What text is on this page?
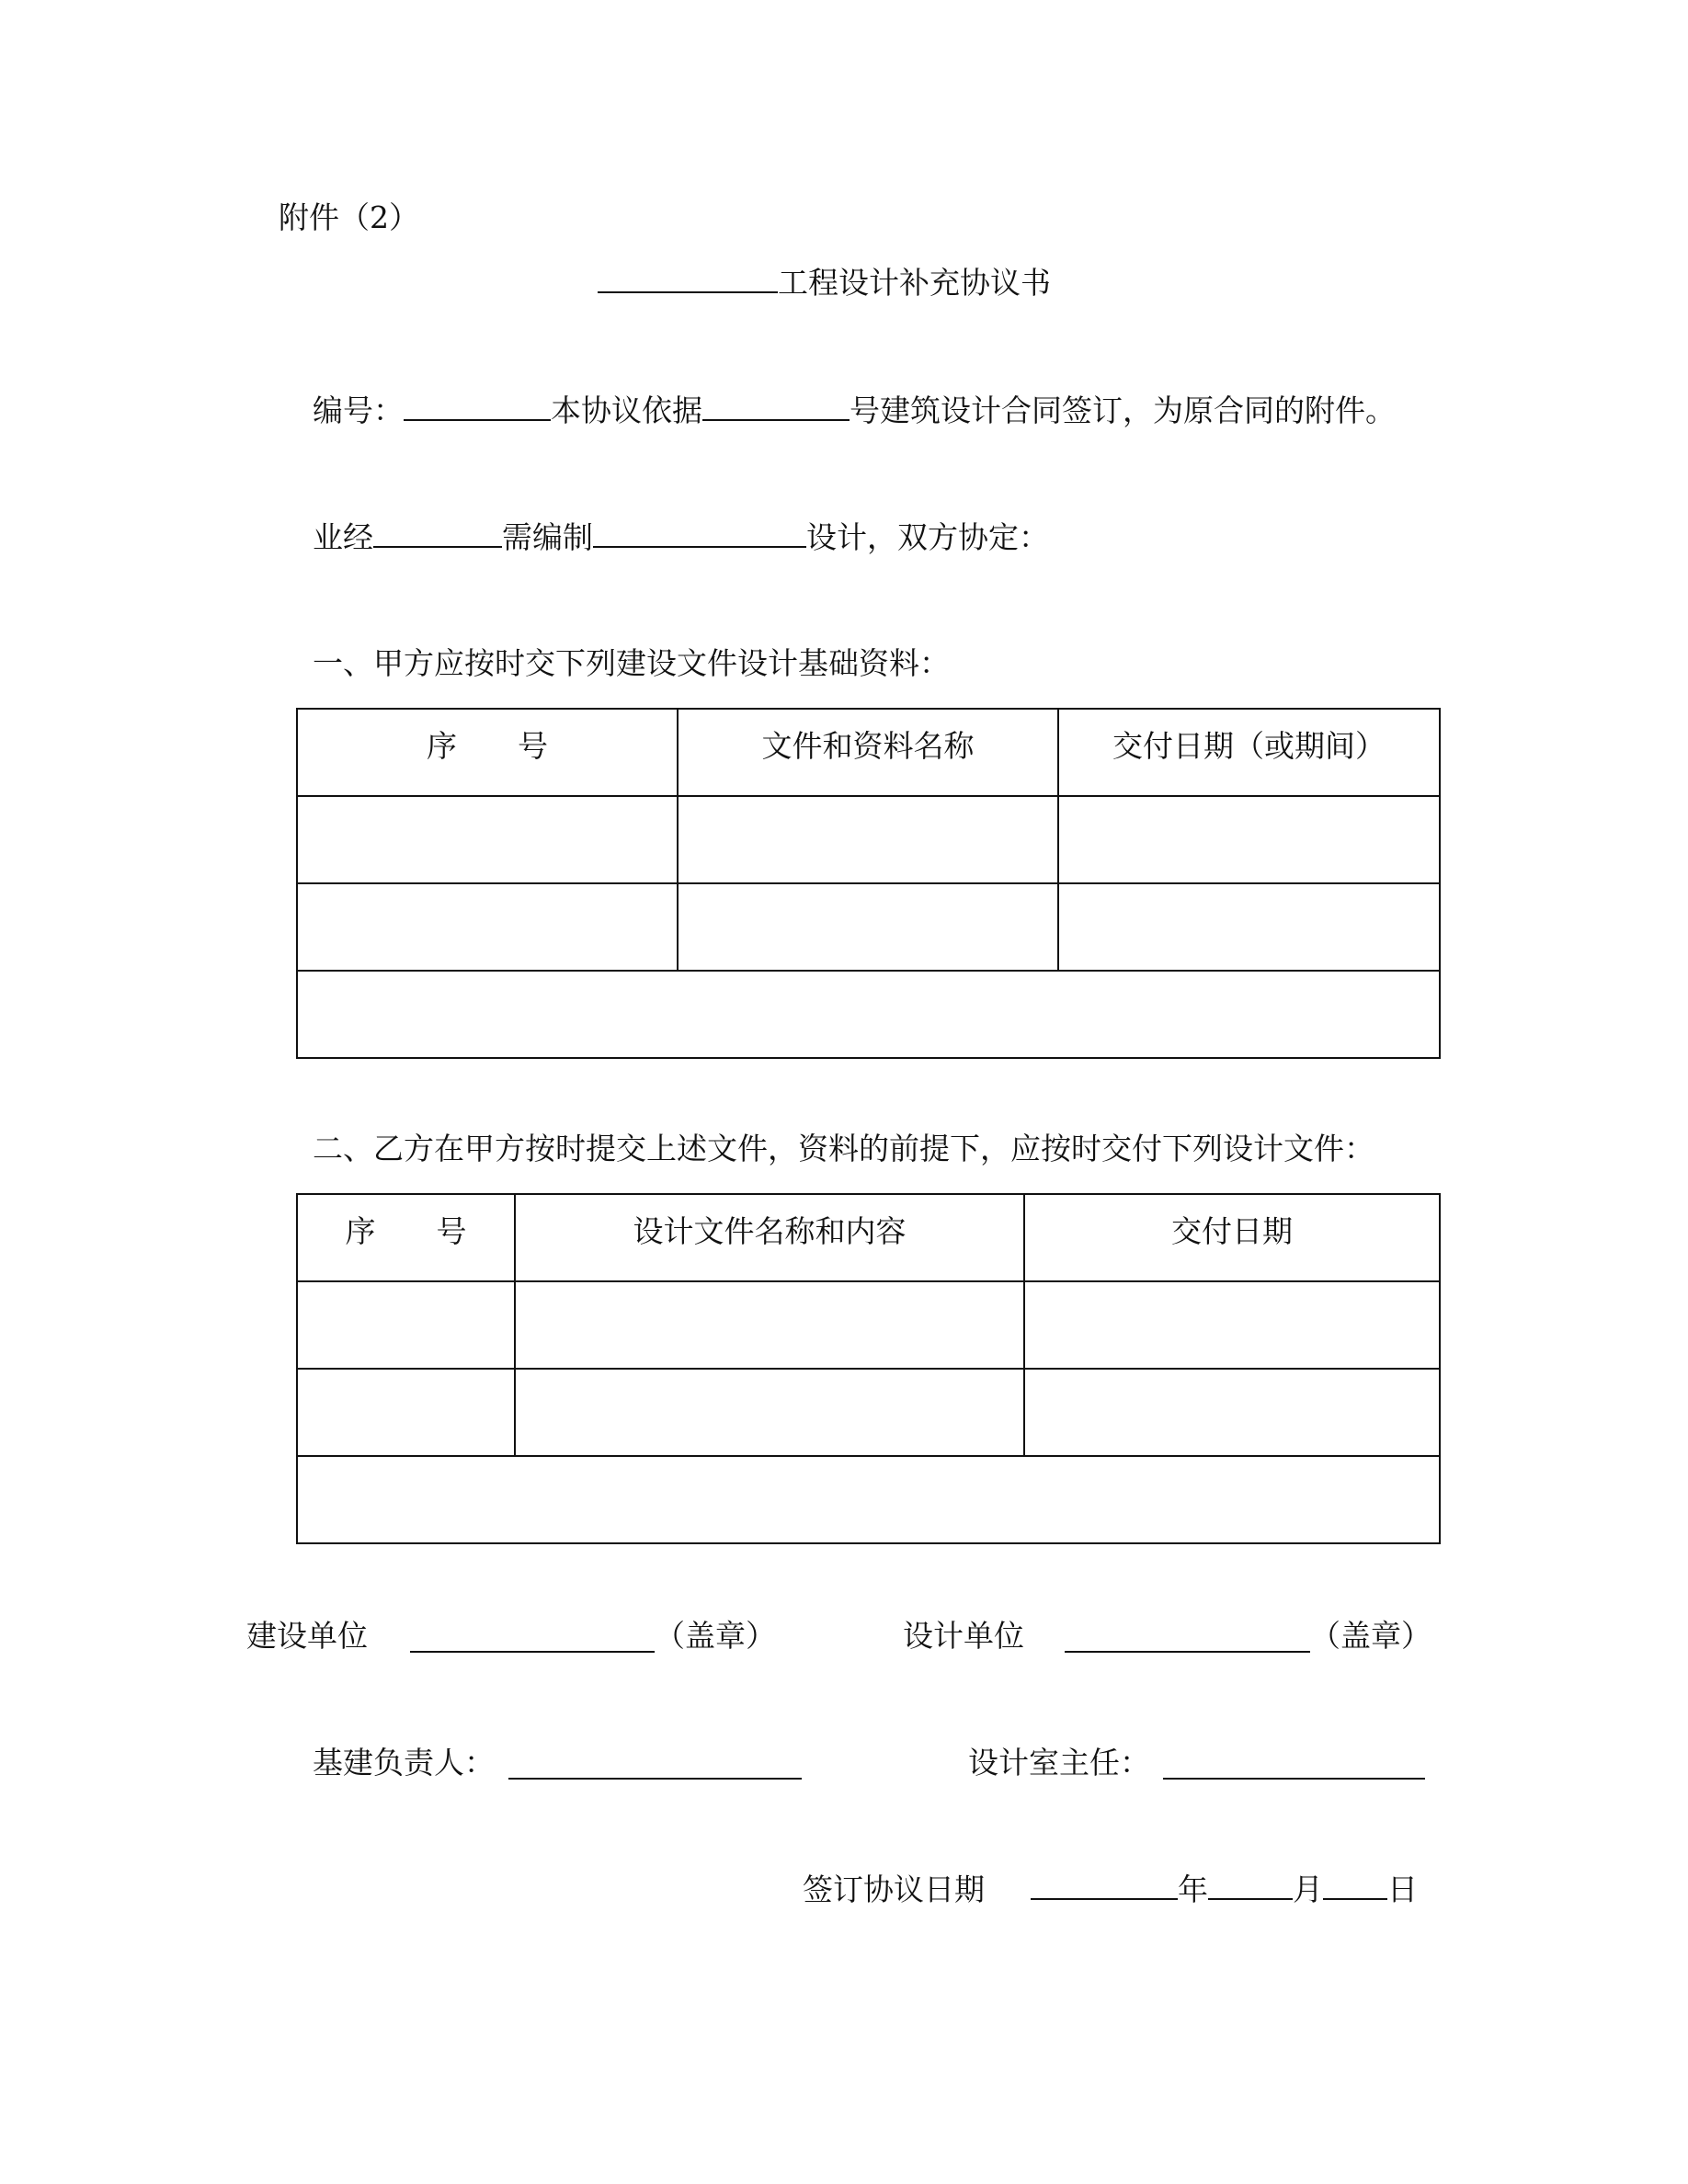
附件（2）
工程设计补充协议书
编号：	本协议依据	号建筑设计合同签订，为原合同的附件。
业经	需编制	设计，双方协定：
一、甲方应按时交下列建设文件设计基础资料：
序　　号	文件和资料名称	交付日期（或期间）

二、乙方在甲方按时提交上述文件，资料的前提下，应按时交付下列设计文件：
序　　号	设计文件名称和内容	交付日期

建设单位	（盖章）	设计单位	（盖章）
基建负责人：	设计室主任：
签订协议日期	年	月 日
